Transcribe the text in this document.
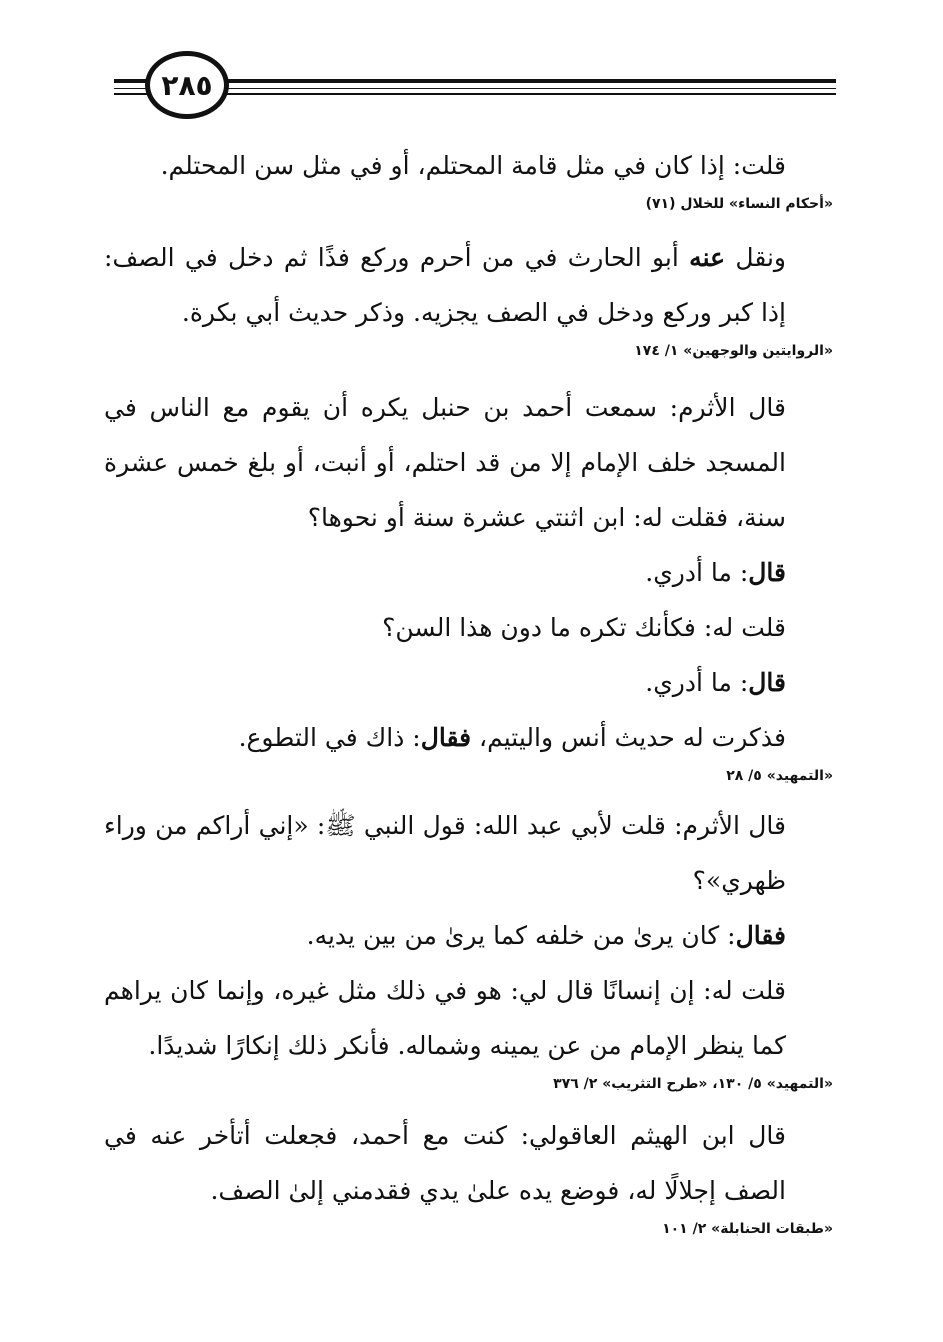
٢٨٥

قلت: إذا كان في مثل قامة المحتلم، أو في مثل سن المحتلم.

«أحكام النساء» للخلال (٧١)

ونقل عنه أبو الحارث في من أحرم وركع فذًا ثم دخل في الصف: إذا كبر وركع ودخل في الصف يجزيه. وذكر حديث أبي بكرة.

«الروايتين والوجهين» ١/ ١٧٤

قال الأثرم: سمعت أحمد بن حنبل يكره أن يقوم مع الناس في المسجد خلف الإمام إلا من قد احتلم، أو أنبت، أو بلغ خمس عشرة سنة، فقلت له: ابن اثنتي عشرة سنة أو نحوها؟

قال: ما أدري.

قلت له: فكأنك تكره ما دون هذا السن؟

قال: ما أدري.

فذكرت له حديث أنس واليتيم، فقال: ذاك في التطوع.

«التمهيد» ٥/ ٢٨

قال الأثرم: قلت لأبي عبد الله: قول النبي ﷺ: «إني أراكم من وراء ظهري»؟

فقال: كان يرىٰ من خلفه كما يرىٰ من بين يديه.

قلت له: إن إنسانًا قال لي: هو في ذلك مثل غيره، وإنما كان يراهم كما ينظر الإمام من عن يمينه وشماله. فأنكر ذلك إنكارًا شديدًا.

«التمهيد» ٥/ ١٣٠، «طرح التثريب» ٢/ ٣٧٦

قال ابن الهيثم العاقولي: كنت مع أحمد، فجعلت أتأخر عنه في الصف إجلالًا له، فوضع يده علىٰ يدي فقدمني إلىٰ الصف.

«طبقات الحنابلة» ٢/ ١٠١
